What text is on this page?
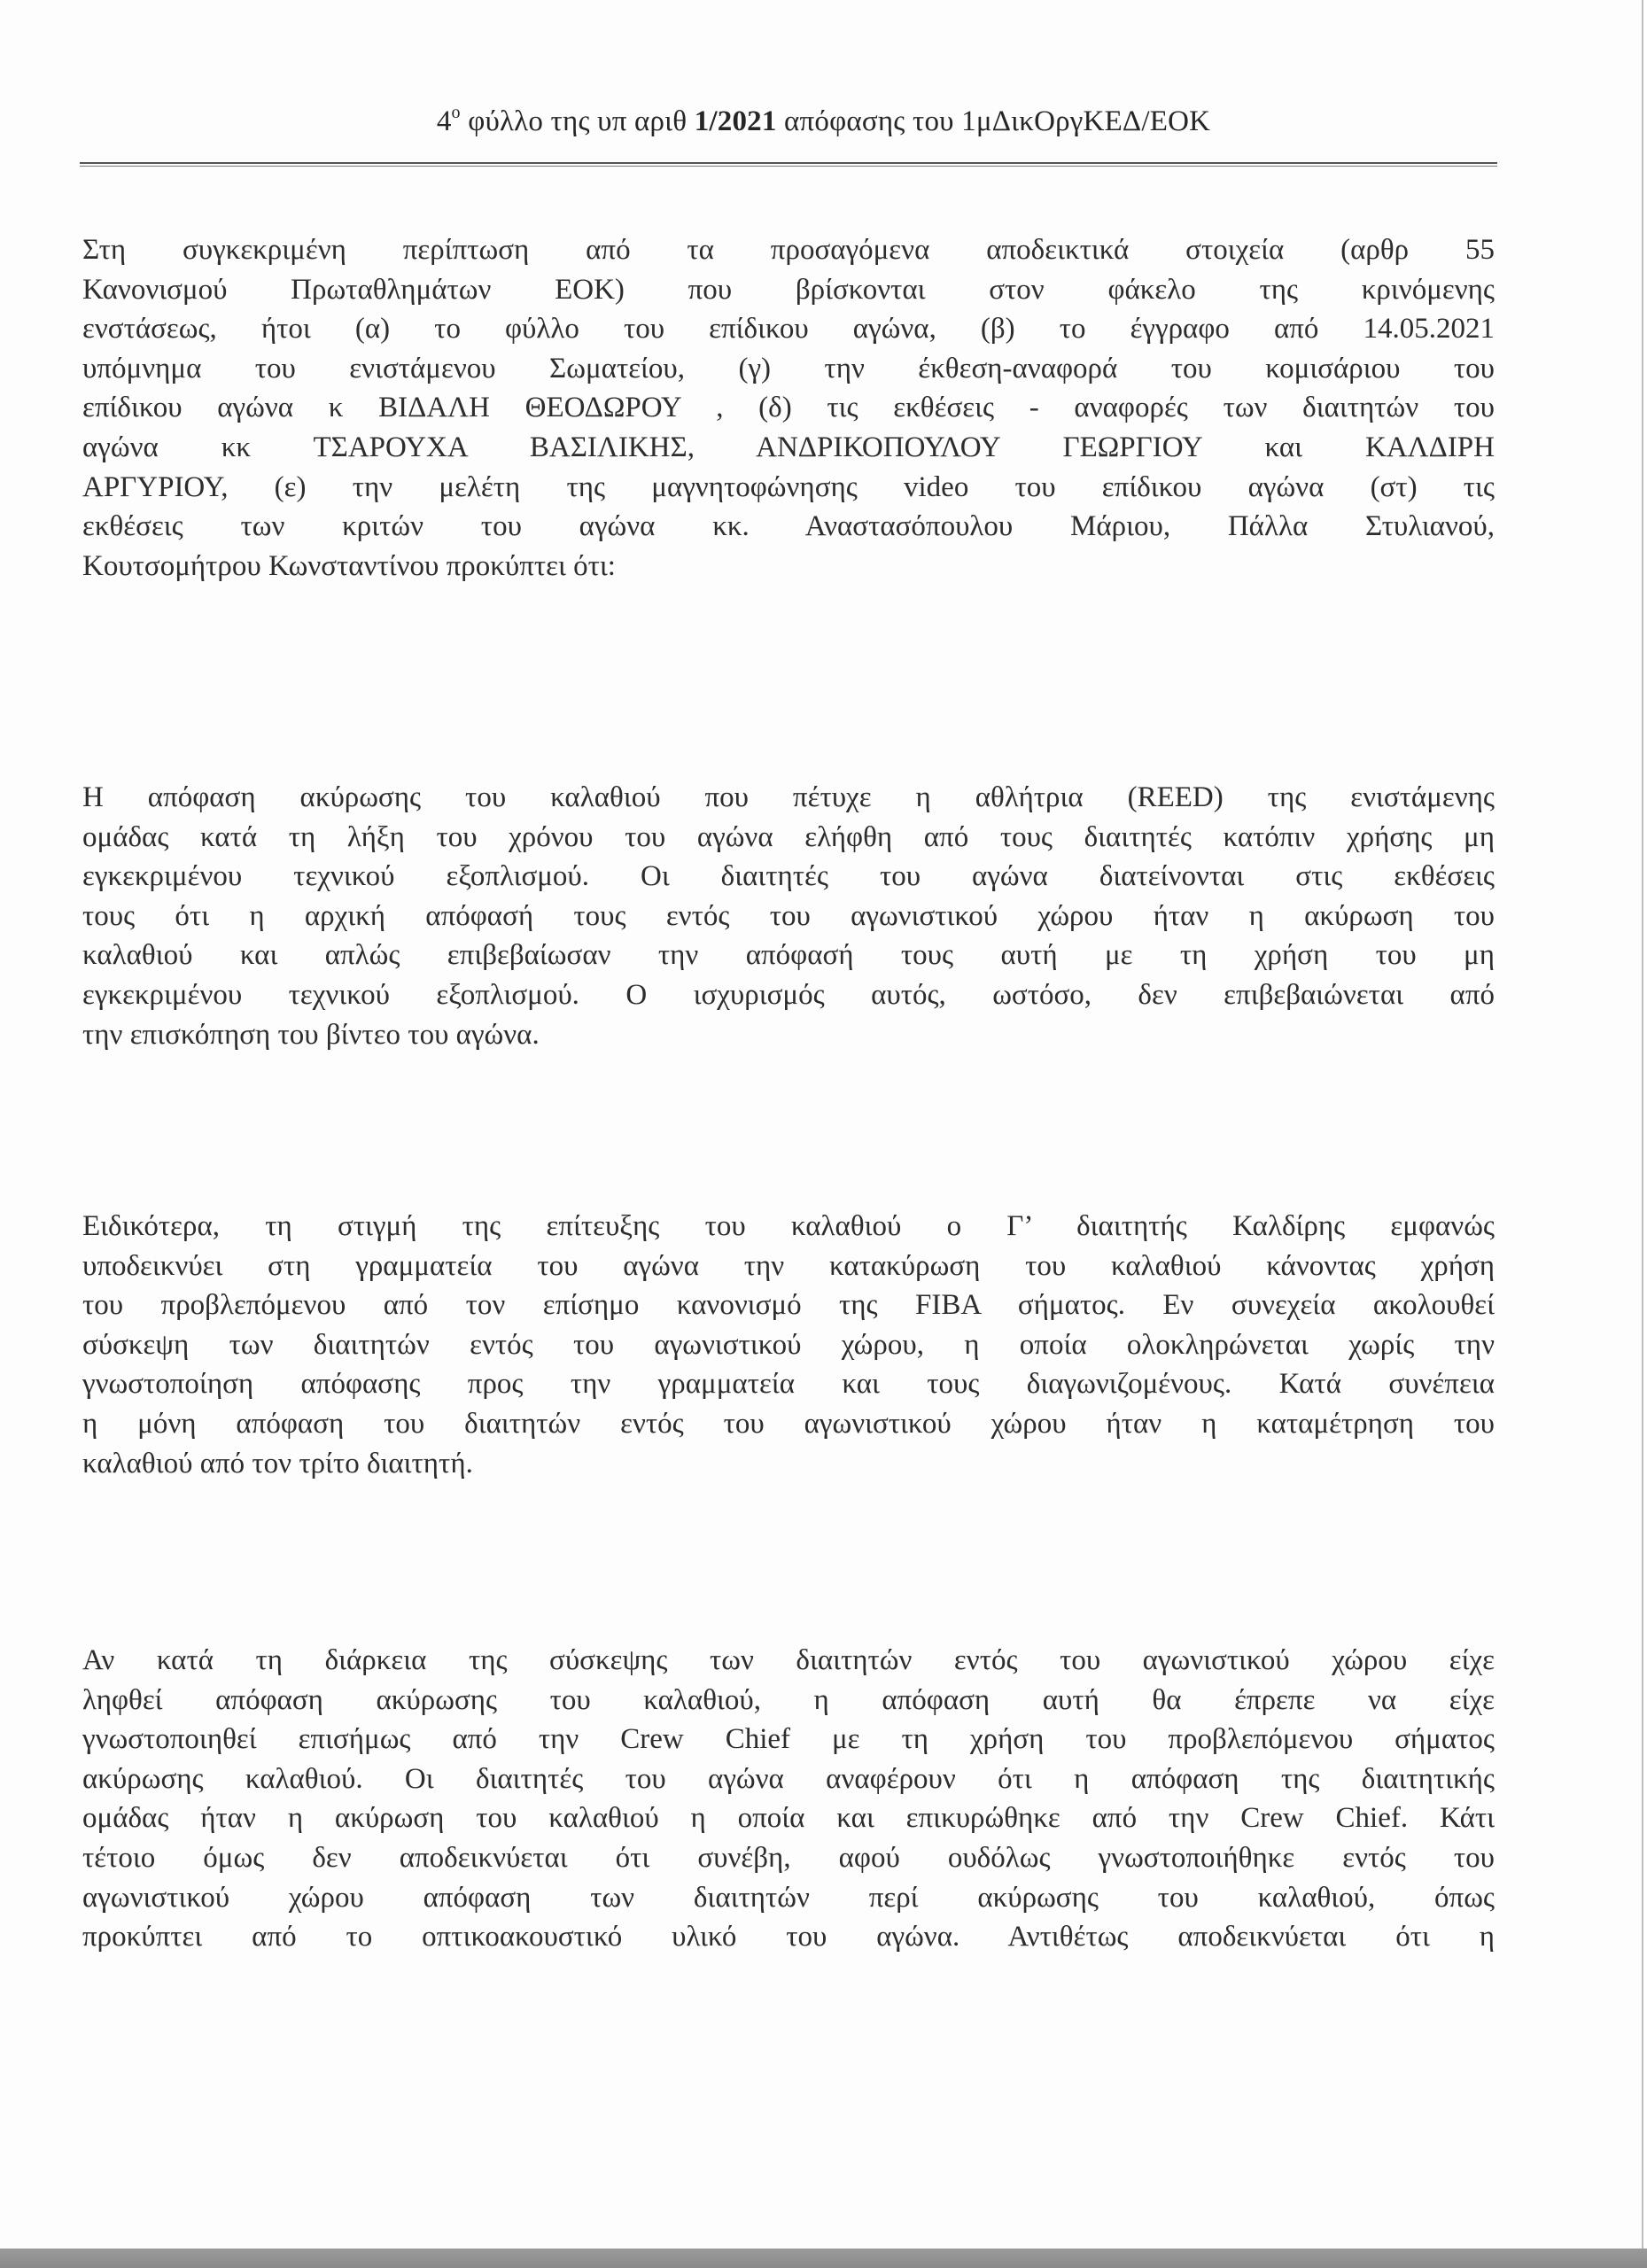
$4^o$ φύλλο της υπ αριθ 1/2021 απόφασης του 1μΔικΟργΚΕΔ/ΕΟΚ
Στη συγκεκριμένη περίπτωση από τα προσαγόμενα αποδεικτικά στοιχεία (αρθρ 55
Κανονισμού Πρωταθλημάτων ΕΟΚ) που βρίσκονται στον φάκελο της κρινόμενης
ενστάσεως, ήτοι (α) το φύλλο του επίδικου αγώνα, (β) το έγγραφο από 14.05.2021
υπόμνημα του ενιστάμενου Σωματείου, (γ) την έκθεση-αναφορά του κομισάριου του
επίδικου αγώνα κ ΒΙΔΑΛΗ ΘΕΟΔΩΡΟΥ , (δ) τις εκθέσεις - αναφορές των διαιτητών του
αγώνα κκ ΤΣΑΡΟΥΧΑ ΒΑΣΙΛΙΚΗΣ, ΑΝΔΡΙΚΟΠΟΥΛΟΥ ΓΕΩΡΓΙΟΥ και ΚΑΛΔΙΡΗ
ΑΡΓΥΡΙΟΥ, (ε) την μελέτη της μαγνητοφώνησης video του επίδικου αγώνα (στ) τις
εκθέσεις των κριτών του αγώνα κκ. Αναστασόπουλου Μάριου, Πάλλα Στυλιανού,
Κουτσομήτρου Κωνσταντίνου προκύπτει ότι:
Η απόφαση ακύρωσης του καλαθιού που πέτυχε η αθλήτρια (REED) της ενιστάμενης
ομάδας κατά τη λήξη του χρόνου του αγώνα ελήφθη από τους διαιτητές κατόπιν χρήσης μη
εγκεκριμένου τεχνικού εξοπλισμού. Οι διαιτητές του αγώνα διατείνονται στις εκθέσεις
τους ότι η αρχική απόφασή τους εντός του αγωνιστικού χώρου ήταν η ακύρωση του
καλαθιού και απλώς επιβεβαίωσαν την απόφασή τους αυτή με τη χρήση του μη
εγκεκριμένου τεχνικού εξοπλισμού. Ο ισχυρισμός αυτός, ωστόσο, δεν επιβεβαιώνεται από
την επισκόπηση του βίντεο του αγώνα.
Ειδικότερα, τη στιγμή της επίτευξης του καλαθιού ο Γ’ διαιτητής Καλδίρης εμφανώς
υποδεικνύει στη γραμματεία του αγώνα την κατακύρωση του καλαθιού κάνοντας χρήση
του προβλεπόμενου από τον επίσημο κανονισμό της FIBA σήματος. Εν συνεχεία ακολουθεί
σύσκεψη των διαιτητών εντός του αγωνιστικού χώρου, η οποία ολοκληρώνεται χωρίς την
γνωστοποίηση απόφασης προς την γραμματεία και τους διαγωνιζομένους. Κατά συνέπεια
η μόνη απόφαση του διαιτητών εντός του αγωνιστικού χώρου ήταν η καταμέτρηση του
καλαθιού από τον τρίτο διαιτητή.
Αν κατά τη διάρκεια της σύσκεψης των διαιτητών εντός του αγωνιστικού χώρου είχε
ληφθεί απόφαση ακύρωσης του καλαθιού, η απόφαση αυτή θα έπρεπε να είχε
γνωστοποιηθεί επισήμως από την Crew Chief με τη χρήση του προβλεπόμενου σήματος
ακύρωσης καλαθιού. Οι διαιτητές του αγώνα αναφέρουν ότι η απόφαση της διαιτητικής
ομάδας ήταν η ακύρωση του καλαθιού η οποία και επικυρώθηκε από την Crew Chief. Κάτι
τέτοιο όμως δεν αποδεικνύεται ότι συνέβη, αφού ουδόλως γνωστοποιήθηκε εντός του
αγωνιστικού χώρου απόφαση των διαιτητών περί ακύρωσης του καλαθιού, όπως
προκύπτει από το οπτικοακουστικό υλικό του αγώνα. Αντιθέτως αποδεικνύεται ότι η
